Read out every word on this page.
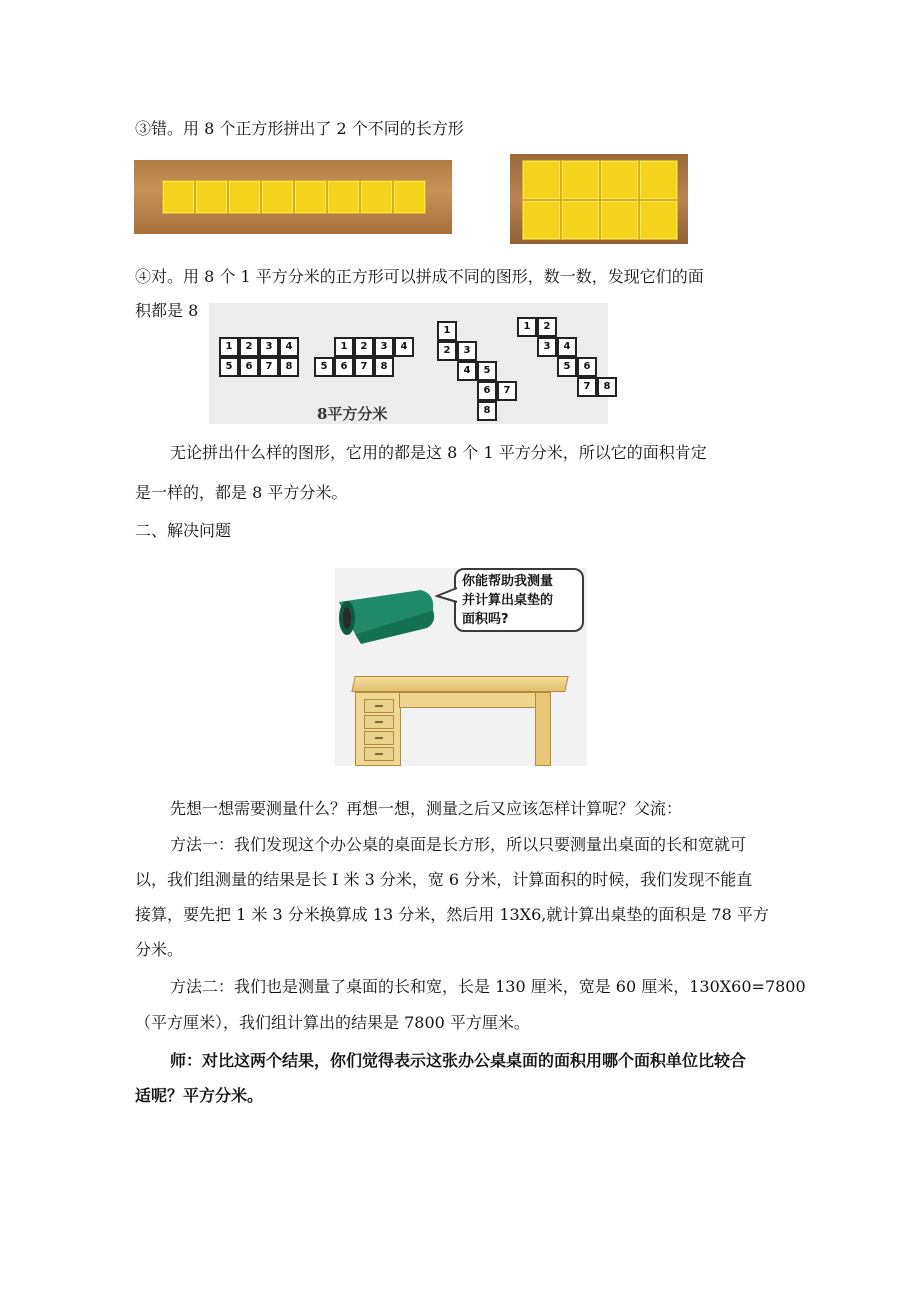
③错。用 8 个正方形拼出了 2 个不同的长方形

④对。用 8 个 1 平方分米的正方形可以拼成不同的图形，数一数，发现它们的面

积都是 8

1	2	3	4
5	6	7	8
1	2	3	4
5	6	7	8
1
2	3
4	5
6	7
8
1	2
3	4
5	6
7	8
8平方分米

无论拼出什么样的图形，它用的都是这 8 个 1 平方分米，所以它的面积肯定

是一样的，都是 8 平方分米。

二、解决问题

你能帮助我测量
并计算出桌垫的
面积吗?

先想一想需要测量什么？再想一想，测量之后又应该怎样计算呢？父流：

方法一：我们发现这个办公桌的桌面是长方形，所以只要测量出桌面的长和宽就可

以，我们组测量的结果是长 I 米 3 分米，宽 6 分米，计算面积的时候，我们发现不能直

接算，要先把 1 米 3 分米换算成 13 分米，然后用 13X6,就计算出桌垫的面积是 78 平方

分米。

方法二：我们也是测量了桌面的长和宽，长是 130 厘米，宽是 60 厘米，130X60=7800

（平方厘米），我们组计算出的结果是 7800 平方厘米。

师：对比这两个结果，你们觉得表示这张办公桌桌面的面积用哪个面积单位比较合

适呢？平方分米。
